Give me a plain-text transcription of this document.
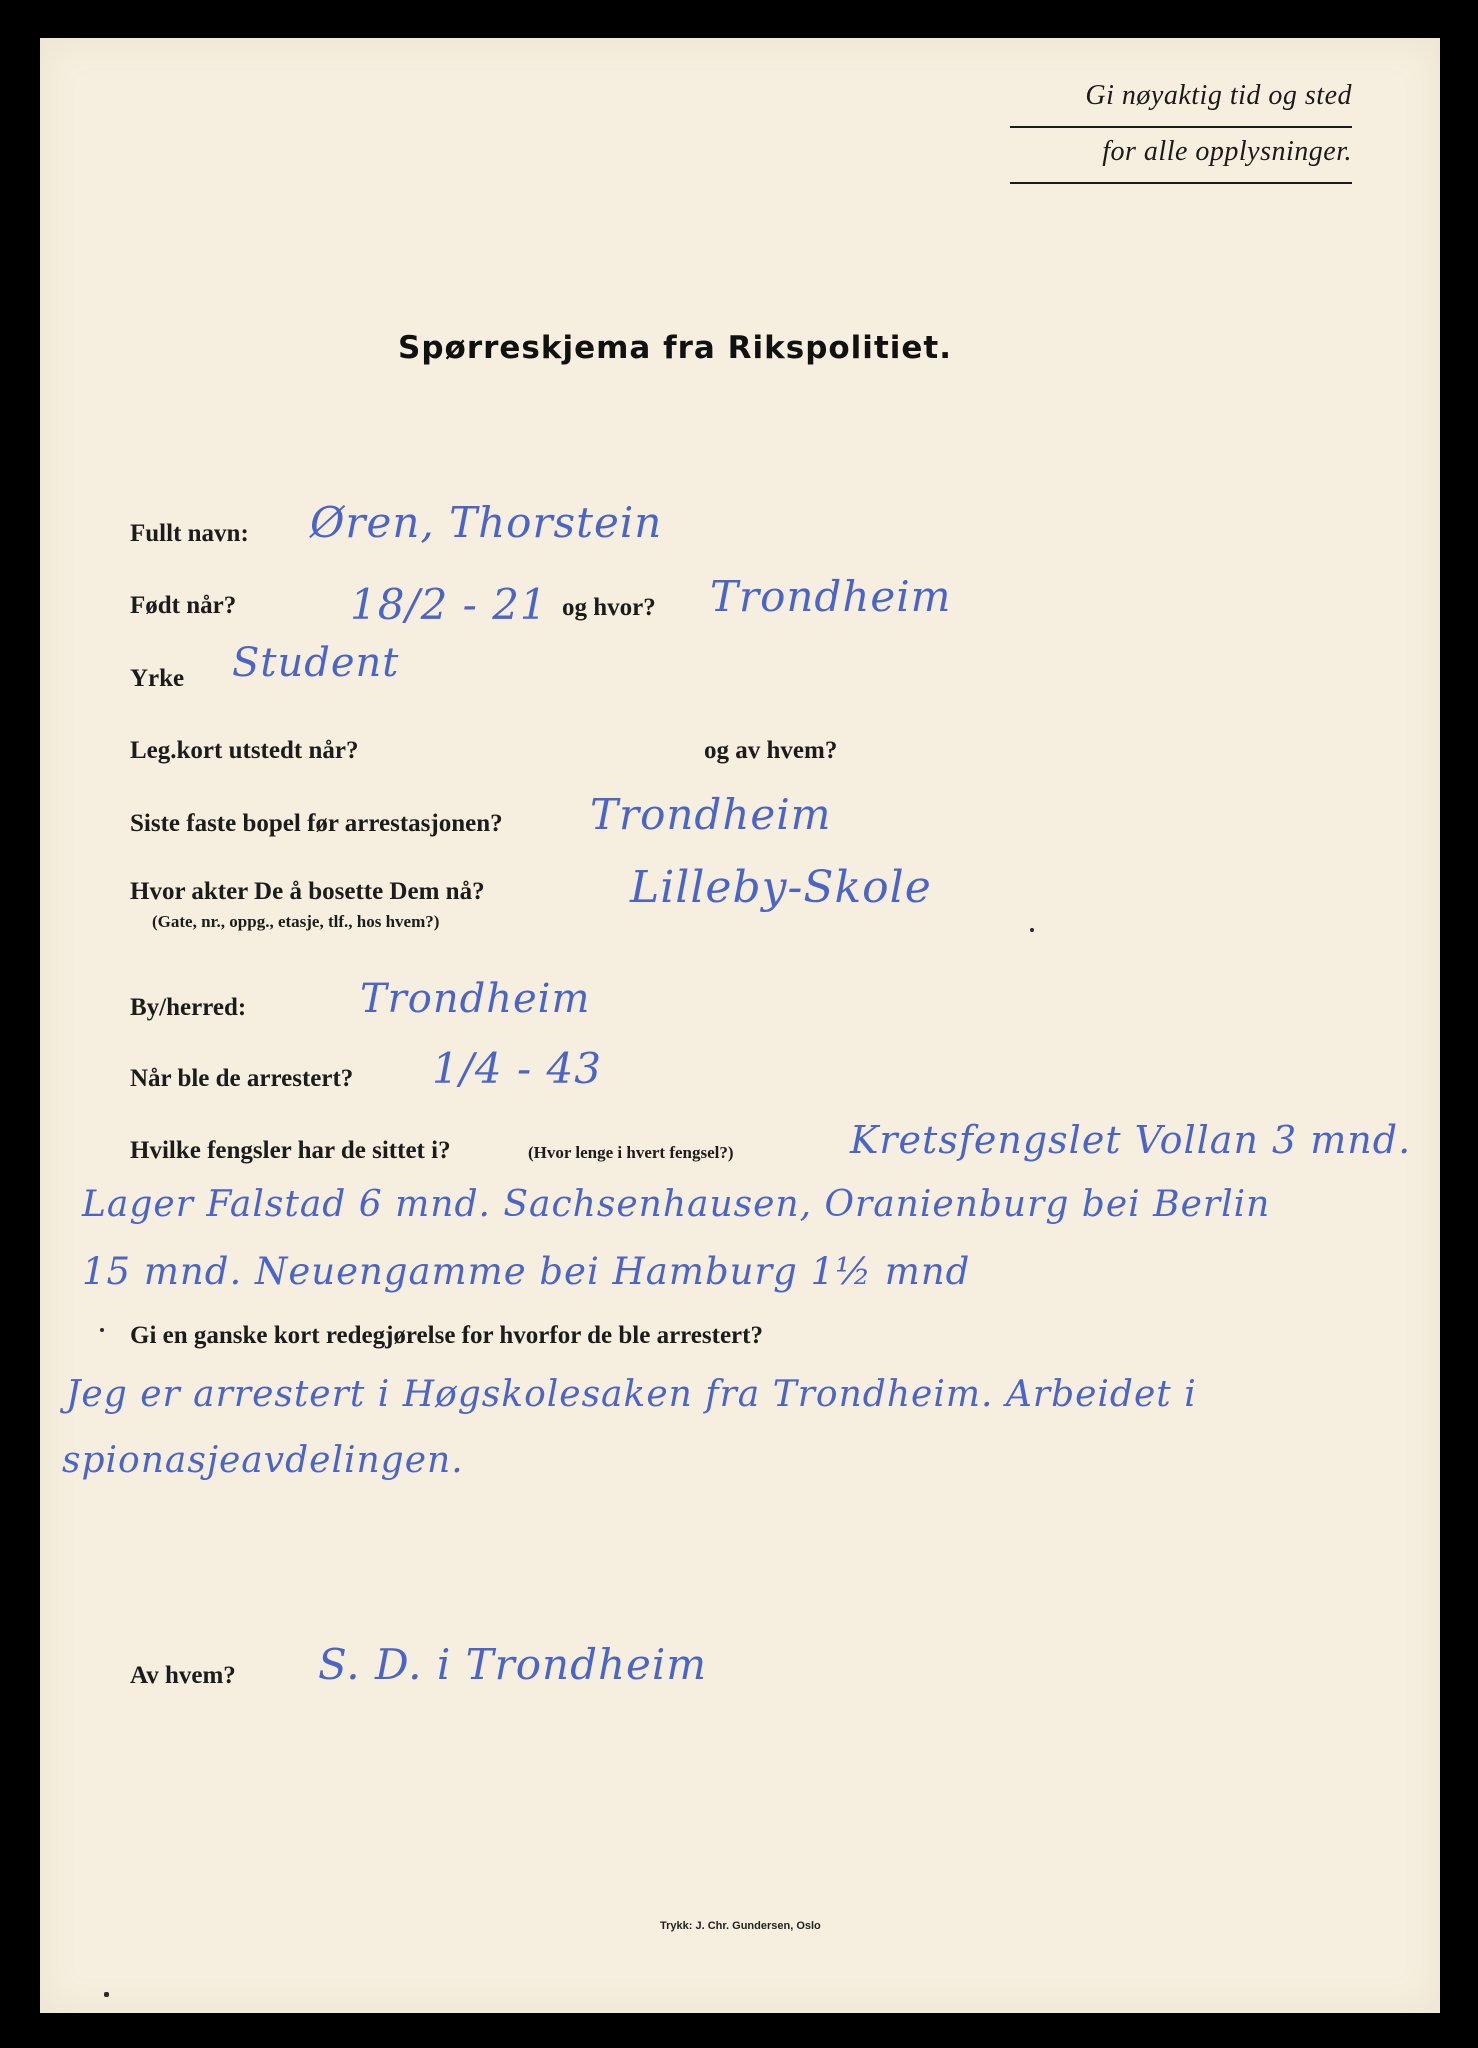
Gi nøyaktig tid og sted
for alle opplysninger.
Spørreskjema fra Rikspolitiet.
Fullt navn: Øren, Thorstein
Født når?	18/2 - 21 og hvor? Trondheim
Yrke Student
Leg.kort utstedt når?	og av hvem?
Siste faste bopel før arrestasjonen? Trondheim
Hvor akter De å bosette Dem nå?
(Gate, nr., oppg., etasje, tlf., hos hvem?)
Lilleby-Skole
By/herred:	Trondheim
Når ble de arrestert? 1/4 - 43
Hvilke fengsler har de sittet i?	(Hvor lenge i hvert fengsel?)	Kretsfengslet Vollan 3 mnd.
Lager Falstad 6 mnd. Sachsenhausen, Oranienburg bei Berlin
15 mnd. Neuengamme bei Hamburg 1½ mnd
Gi en ganske kort redegjørelse for hvorfor de ble arrestert?
Jeg er arrestert i Høgskolesaken fra Trondheim. Arbeidet i
spionasjeavdelingen.
Av hvem? S. D. i Trondheim
Trykk: J. Chr. Gundersen, Oslo
